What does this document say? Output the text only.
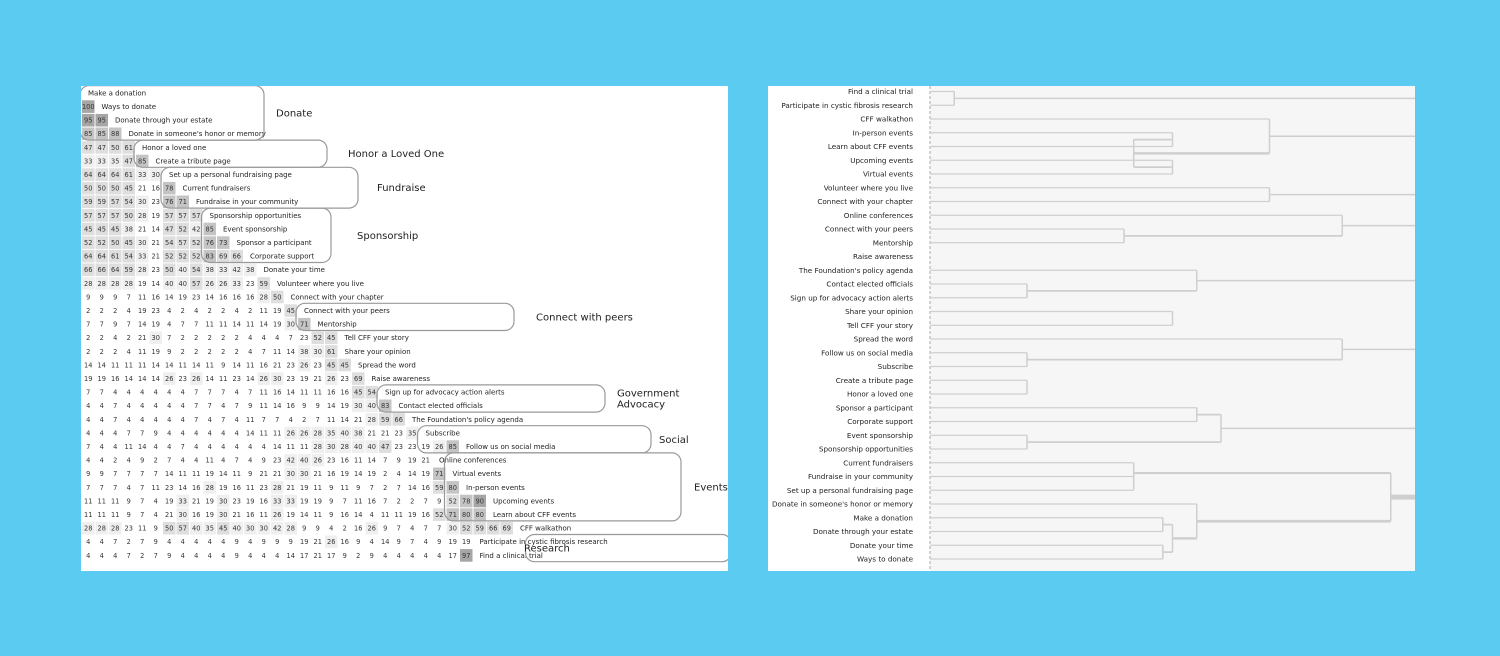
Make a donation
100 Ways to donate
95 95 Donate through your estate
85 85 88 Donate in someone's honor or memory
47 47 50 61 Honor a loved one
33 33 35 47 85 Create a tribute page
64 64 64 61 33 30 Set up a personal fundraising page
50 50 50 45 21 16 78 Current fundraisers
59 59 57 54 30 23 76 71 Fundraise in your community
57 57 57 50 28 19 57 57 57 Sponsorship opportunities
45 45 45 38 21 14 47 52 42 85 Event sponsorship
52 52 50 45 30 21 54 57 52 76 73 Sponsor a participant
64 64 61 54 33 21 52 52 52 83 69 66 Corporate support
66 66 64 59 28 23 50 40 54 38 33 42 38 Donate your time
28 28 28 28 19 14 40 40 57 26 26 33 23 59 Volunteer where you live
9 9 9 7 11 16 14 19 23 14 16 16 16 28 50 Connect with your chapter
2 2 2 4 19 23 4 2 4 2 2 4 2 11 19 45 Connect with your peers
7 7 9 7 14 19 4 7 7 11 11 14 11 14 19 30 71 Mentorship
2 2 4 2 21 30 7 2 2 2 2 2 4 4 4 7 23 52 45 Tell CFF your story
2 2 2 4 11 19 9 2 2 2 2 2 4 7 11 14 38 30 61 Share your opinion
14 14 11 11 11 14 14 11 14 11 9 14 11 16 21 23 26 23 45 45 Spread the word
19 19 16 14 14 14 26 23 26 14 11 23 14 26 30 23 19 21 26 23 69 Raise awareness
7 7 4 4 4 4 4 4 7 7 7 4 7 11 16 14 11 11 16 16 45 54 Sign up for advocacy action alerts
4 4 7 4 4 4 4 4 7 7 4 7 9 11 14 16 9 9 14 19 30 40 83 Contact elected officials
4 4 7 4 4 4 4 4 7 4 7 4 11 7 7 4 2 7 11 14 21 28 59 66 The Foundation's policy agenda
4 4 4 7 7 9 4 4 4 4 4 4 14 11 11 26 26 28 35 40 38 21 21 23 35 Subscribe
7 4 4 11 14 4 4 7 4 4 4 4 4 4 14 11 11 28 30 28 40 40 47 23 23 19 26 85 Follow us on social media
4 4 2 4 9 2 7 4 4 11 4 7 4 9 23 42 40 26 23 16 11 14 7 9 19 21 Online conferences
9 9 7 7 7 7 14 11 11 19 14 11 9 21 21 30 30 21 16 19 14 19 2 4 14 19 71 Virtual events
7 7 7 4 7 11 23 14 16 28 19 16 11 23 28 21 19 11 9 11 9 7 2 7 14 16 59 80 In-person events
11 11 11 9 7 4 19 33 21 19 30 23 19 16 33 33 19 19 9 7 11 16 7 2 2 7 9 52 78 90 Upcoming events
11 11 11 9 7 4 21 30 16 19 30 21 16 11 26 19 14 11 9 16 14 4 11 11 19 16 52 71 80 80 Learn about CFF events
28 28 28 23 11 9 50 57 40 35 45 40 30 30 42 28 9 9 4 2 16 26 9 7 4 7 7 30 52 59 66 69 CFF walkathon
4 4 7 2 7 9 4 4 4 4 4 9 4 9 9 9 19 21 26 16 9 4 14 9 7 4 9 19 19 Participate in cystic fibrosis research
4 4 4 7 2 7 9 4 4 4 4 9 4 4 4 14 17 21 17 9 2 9 4 4 4 4 4 17 97 Find a clinical trial
Donate
Honor a Loved One
Fundraise
Sponsorship
Connect with peers
Government
Advocacy
Social
Events
Research
Find a clinical trial
Participate in cystic fibrosis research
CFF walkathon
In-person events
Learn about CFF events
Upcoming events
Virtual events
Volunteer where you live
Connect with your chapter
Online conferences
Connect with your peers
Mentorship
Raise awareness
The Foundation's policy agenda
Contact elected officials
Sign up for advocacy action alerts
Share your opinion
Tell CFF your story
Spread the word
Follow us on social media
Subscribe
Create a tribute page
Honor a loved one
Sponsor a participant
Corporate support
Event sponsorship
Sponsorship opportunities
Current fundraisers
Fundraise in your community
Set up a personal fundraising page
Donate in someone's honor or memory
Make a donation
Donate through your estate
Donate your time
Ways to donate
